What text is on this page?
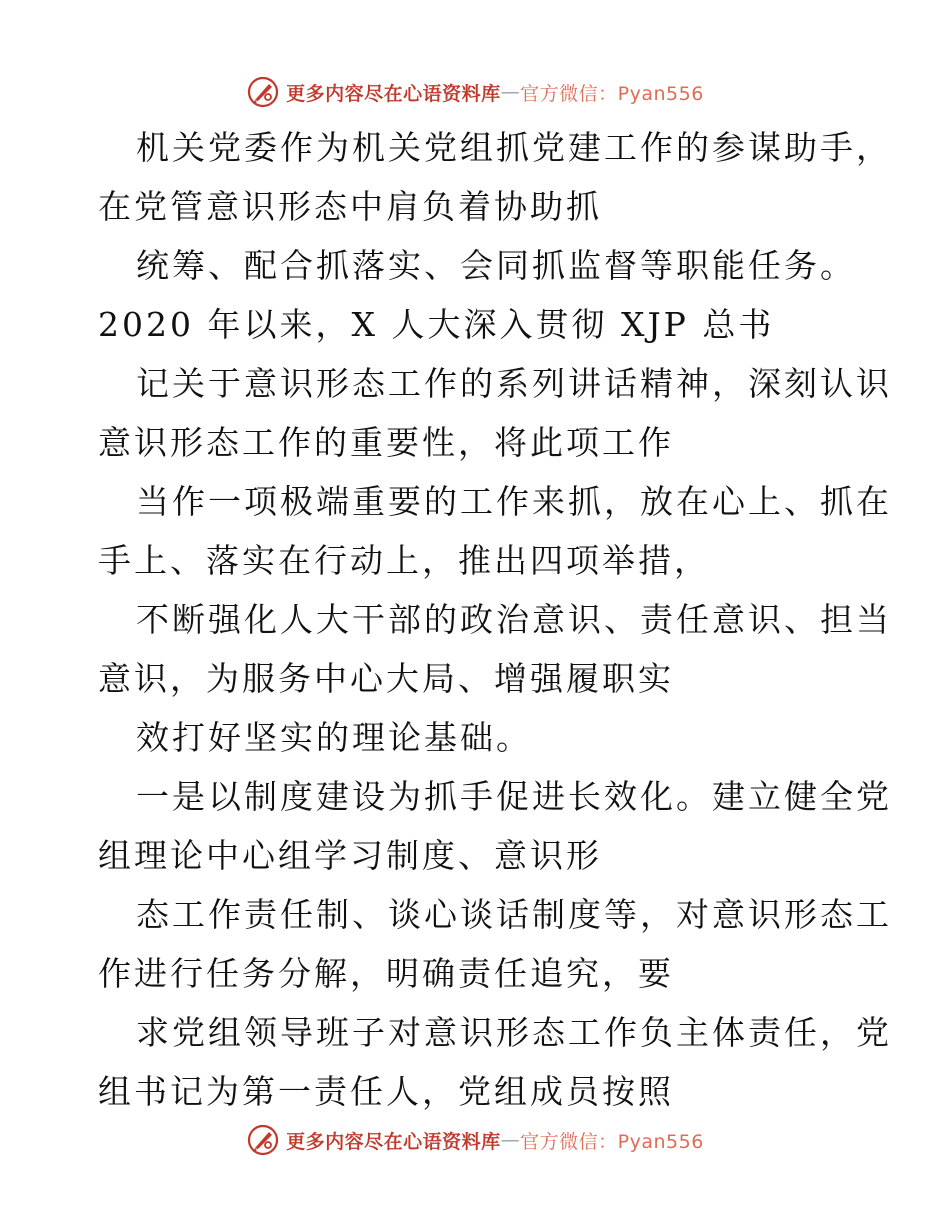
更多内容尽在心语资料库 — 官方微信：Pyan556

机关党委作为机关党组抓党建工作的参谋助手，
在党管意识形态中肩负着协助抓

统筹、配合抓落实、会同抓监督等职能任务。
2020 年以来，X 人大深入贯彻 XJP 总书

记关于意识形态工作的系列讲话精神，深刻认识
意识形态工作的重要性，将此项工作

当作一项极端重要的工作来抓，放在心上、抓在
手上、落实在行动上，推出四项举措，

不断强化人大干部的政治意识、责任意识、担当
意识，为服务中心大局、增强履职实

效打好坚实的理论基础。

一是以制度建设为抓手促进长效化。建立健全党
组理论中心组学习制度、意识形

态工作责任制、谈心谈话制度等，对意识形态工
作进行任务分解，明确责任追究，要

求党组领导班子对意识形态工作负主体责任，党
组书记为第一责任人，党组成员按照

更多内容尽在心语资料库 — 官方微信：Pyan556
